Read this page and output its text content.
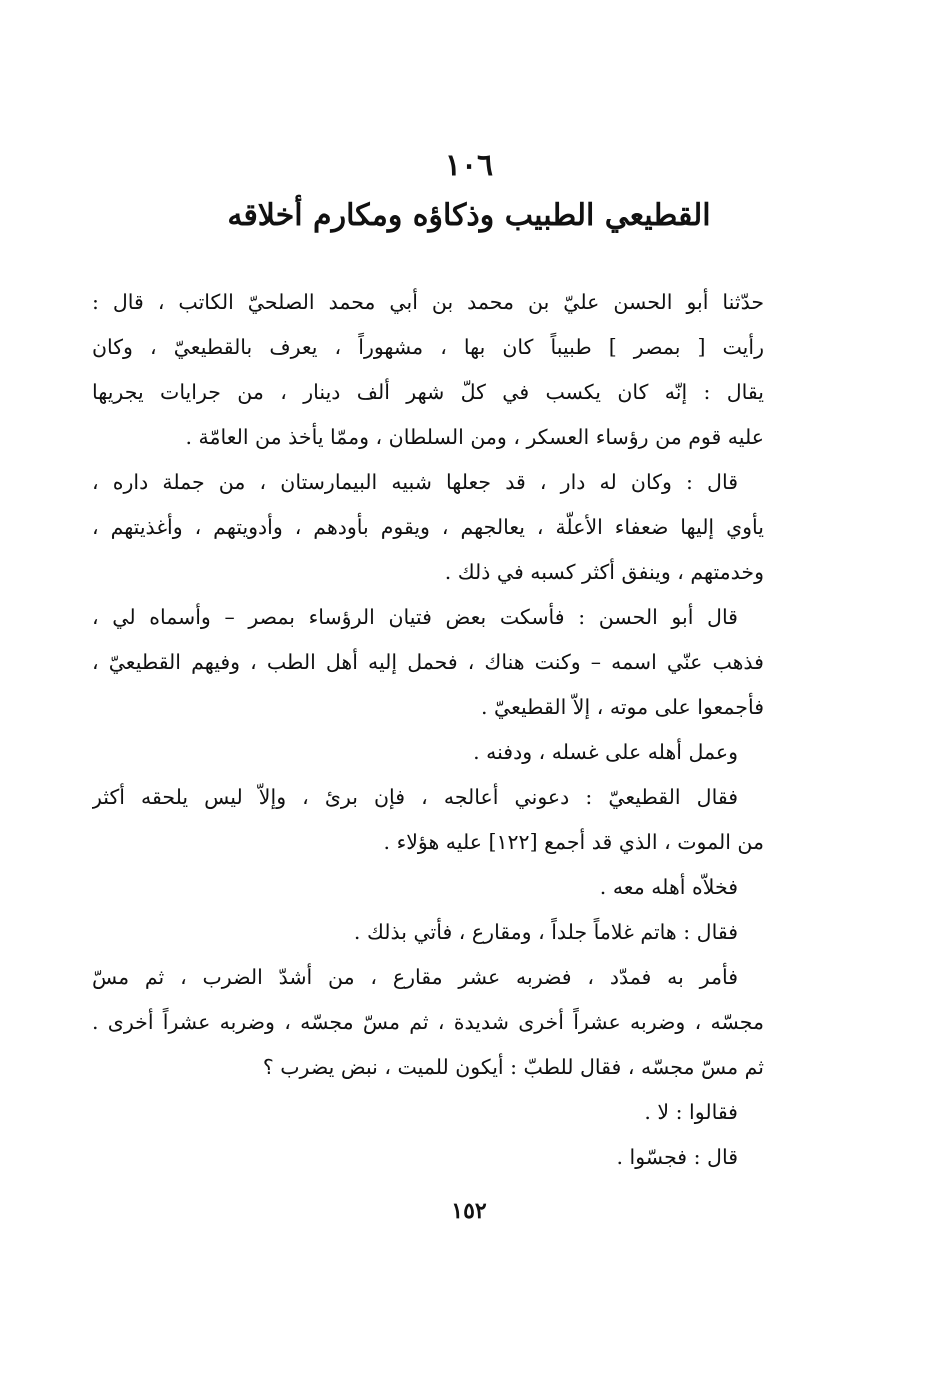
١٠٦
القطيعي الطبيب وذكاؤه ومكارم أخلاقه
حدّثنا أبو الحسن عليّ بن محمد بن أبي محمد الصلحيّ الكاتب ، قال :
رأيت [ بمصر ] طبيباً كان بها ، مشهوراً ، يعرف بالقطيعيّ ، وكان
يقال : إنّه كان يكسب في كلّ شهر ألف دينار ، من جرايات يجريها
عليه قوم من رؤساء العسكر ، ومن السلطان ، وممّا يأخذ من العامّة .
قال : وكان له دار ، قد جعلها شبيه البيمارستان ، من جملة داره ،
يأوي إليها ضعفاء الأعلّة ، يعالجهم ، ويقوم بأودهم ، وأدويتهم ، وأغذيتهم ،
وخدمتهم ، وينفق أكثر كسبه في ذلك .
قال أبو الحسن : فأسكت بعض فتيان الرؤساء بمصر – وأسماه لي ،
فذهب عنّي اسمه – وكنت هناك ، فحمل إليه أهل الطب ، وفيهم القطيعيّ ،
فأجمعوا على موته ، إلاّ القطيعيّ .
وعمل أهله على غسله ، ودفنه .
فقال القطيعيّ : دعوني أعالجه ، فإن برئ ، وإلاّ ليس يلحقه أكثر
من الموت ، الذي قد أجمع [١٢٢] عليه هؤلاء .
فخلاّه أهله معه .
فقال : هاتم غلاماً جلداً ، ومقارع ، فأتي بذلك .
فأمر به فمدّد ، فضربه عشر مقارع ، من أشدّ الضرب ، ثم مسّ
مجسّه ، وضربه عشراً أخرى شديدة ، ثم مسّ مجسّه ، وضربه عشراً أخرى .
ثم مسّ مجسّه ، فقال للطبّ : أيكون للميت ، نبض يضرب ؟
فقالوا : لا .
قال : فجسّوا .
١٥٢
